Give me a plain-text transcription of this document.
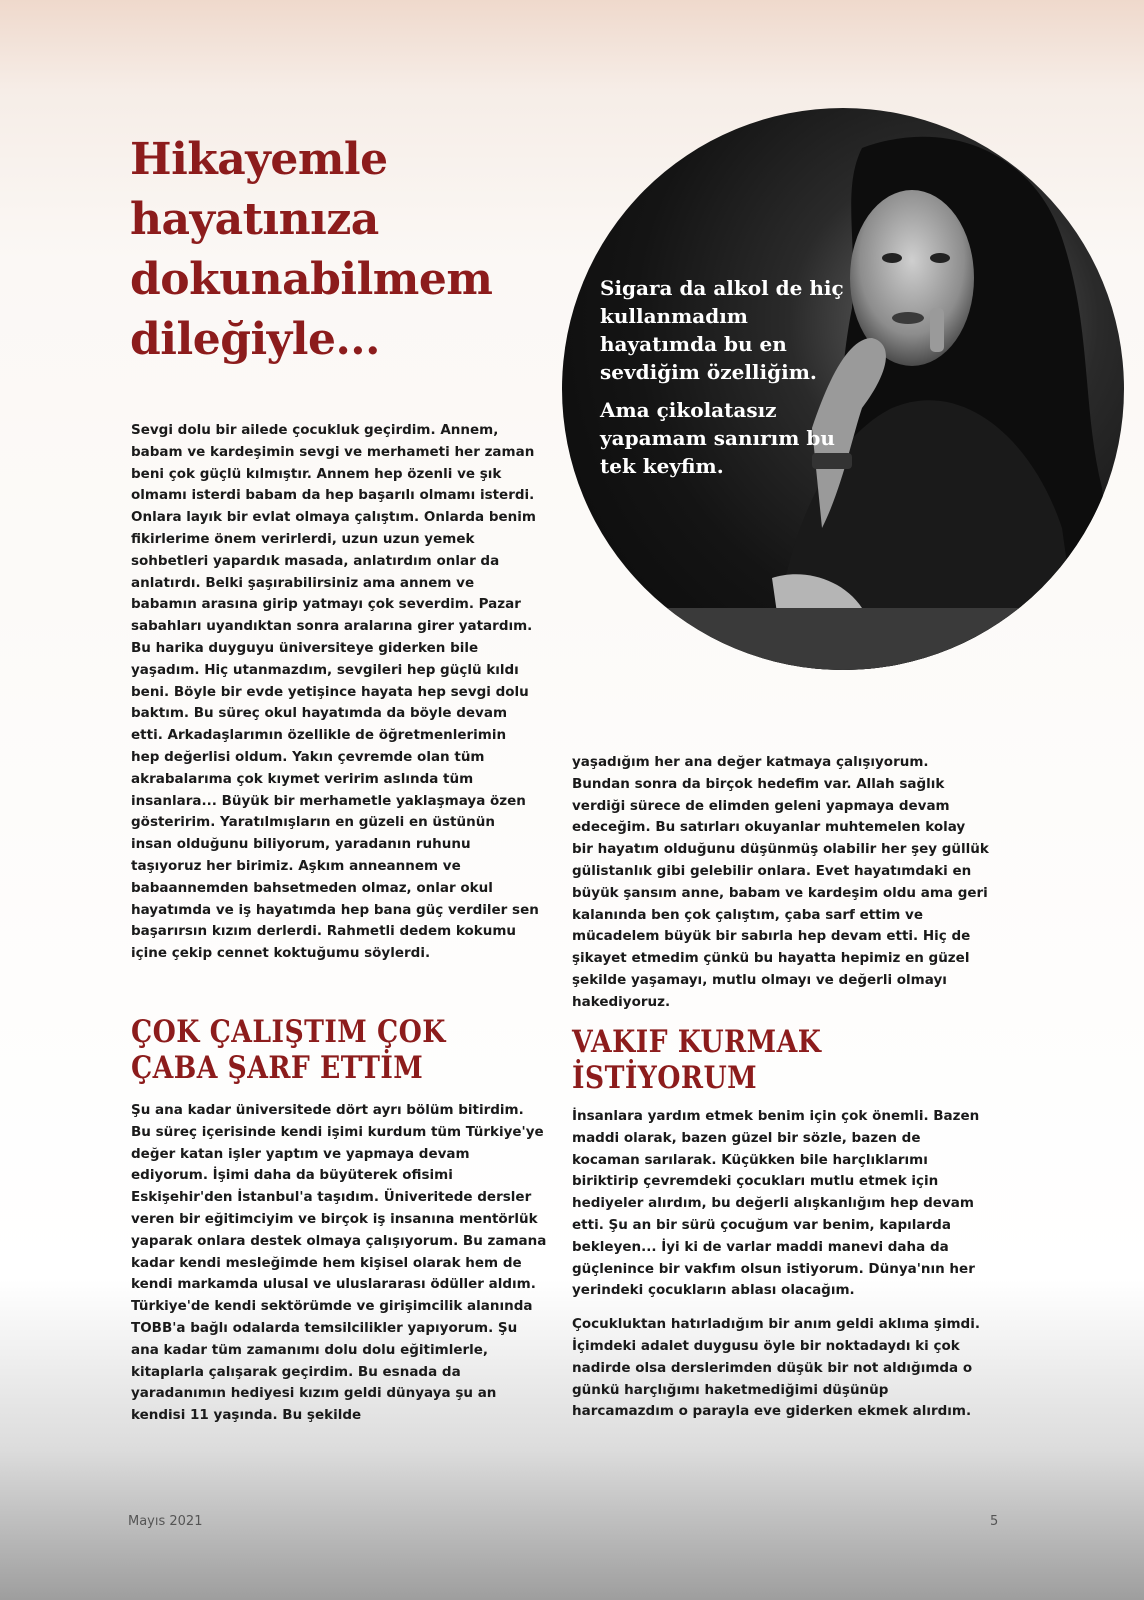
Hikayemle hayatınıza dokunabilmem dileğiyle...

Sigara da alkol de hiç kullanmadım hayatımda bu en sevdiğim özelliğim.

Ama çikolatasız yapamam sanırım bu tek keyfim.

Sevgi dolu bir ailede çocukluk geçirdim. Annem, babam ve kardeşimin sevgi ve merhameti her zaman beni çok güçlü kılmıştır. Annem hep özenli ve şık olmamı isterdi babam da hep başarılı olmamı isterdi. Onlara layık bir evlat olmaya çalıştım. Onlarda benim fikirlerime önem verirlerdi, uzun uzun yemek sohbetleri yapardık masada, anlatırdım onlar da anlatırdı. Belki şaşırabilirsiniz ama annem ve babamın arasına girip yatmayı çok severdim. Pazar sabahları uyandıktan sonra aralarına girer yatardım. Bu harika duyguyu üniversiteye giderken bile yaşadım. Hiç utanmazdım, sevgileri hep güçlü kıldı beni. Böyle bir evde yetişince hayata hep sevgi dolu baktım. Bu süreç okul hayatımda da böyle devam etti. Arkadaşlarımın özellikle de öğretmenlerimin hep değerlisi oldum. Yakın çevremde olan tüm akrabalarıma çok kıymet veririm aslında tüm insanlara... Büyük bir merhametle yaklaşmaya özen gösteririm. Yaratılmışların en güzeli en üstünün insan olduğunu biliyorum, yaradanın ruhunu taşıyoruz her birimiz. Aşkım anneannem ve babaannemden bahsetmeden olmaz, onlar okul hayatımda ve iş hayatımda hep bana güç verdiler sen başarırsın kızım derlerdi. Rahmetli dedem kokumu içine çekip cennet koktuğumu söylerdi.

ÇOK ÇALIŞTIM ÇOK ÇABA ŞARF ETTİM

Şu ana kadar üniversitede dört ayrı bölüm bitirdim. Bu süreç içerisinde kendi işimi kurdum tüm Türkiye'ye değer katan işler yaptım ve yapmaya devam ediyorum. İşimi daha da büyüterek ofisimi Eskişehir'den İstanbul'a taşıdım. Üniveritede dersler veren bir eğitimciyim ve birçok iş insanına mentörlük yaparak onlara destek olmaya çalışıyorum. Bu zamana kadar kendi mesleğimde hem kişisel olarak hem de kendi markamda ulusal ve uluslararası ödüller aldım. Türkiye'de kendi sektörümde ve girişimcilik alanında TOBB'a bağlı odalarda temsilcilikler yapıyorum. Şu ana kadar tüm zamanımı dolu dolu eğitimlerle, kitaplarla çalışarak geçirdim. Bu esnada da yaradanımın hediyesi kızım geldi dünyaya şu an kendisi 11 yaşında. Bu şekilde

yaşadığım her ana değer katmaya çalışıyorum. Bundan sonra da birçok hedefim var. Allah sağlık verdiği sürece de elimden geleni yapmaya devam edeceğim. Bu satırları okuyanlar muhtemelen kolay bir hayatım olduğunu düşünmüş olabilir her şey güllük gülistanlık gibi gelebilir onlara. Evet hayatımdaki en büyük şansım anne, babam ve kardeşim oldu ama geri kalanında ben çok çalıştım, çaba sarf ettim ve mücadelem büyük bir sabırla hep devam etti. Hiç de şikayet etmedim çünkü bu hayatta hepimiz en güzel şekilde yaşamayı, mutlu olmayı ve değerli olmayı hakediyoruz.

VAKIF KURMAK İSTİYORUM

İnsanlara yardım etmek benim için çok önemli. Bazen maddi olarak, bazen güzel bir sözle, bazen de kocaman sarılarak. Küçükken bile harçlıklarımı biriktirip çevremdeki çocukları mutlu etmek için hediyeler alırdım, bu değerli alışkanlığım hep devam etti. Şu an bir sürü çocuğum var benim, kapılarda bekleyen... İyi ki de varlar maddi manevi daha da güçlenince bir vakfım olsun istiyorum. Dünya'nın her yerindeki çocukların ablası olacağım.

Çocukluktan hatırladığım bir anım geldi aklıma şimdi. İçimdeki adalet duygusu öyle bir noktadaydı ki çok nadirde olsa derslerimden düşük bir not aldığımda o günkü harçlığımı haketmediğimi düşünüp harcamazdım o parayla eve giderken ekmek alırdım.

Mayıs 2021	5
